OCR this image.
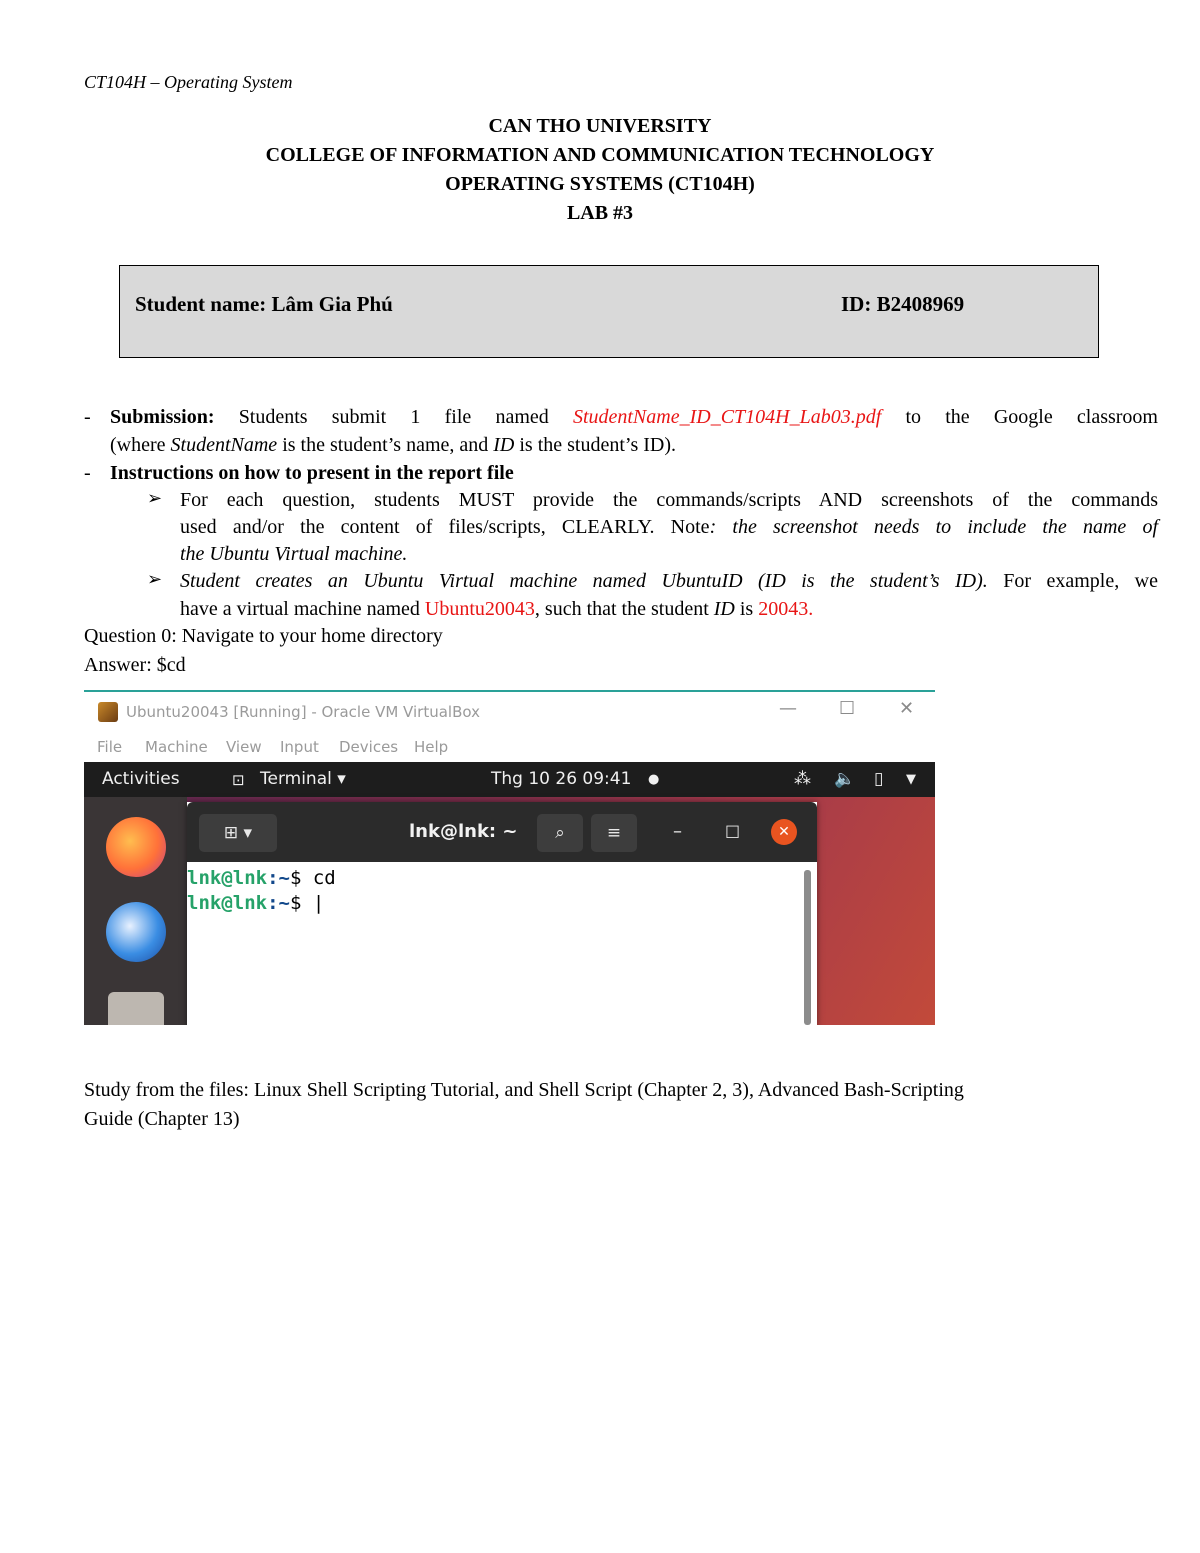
CT104H – Operating System
CAN THO UNIVERSITY
COLLEGE OF INFORMATION AND COMMUNICATION TECHNOLOGY
OPERATING SYSTEMS (CT104H)
LAB #3
Student name: Lâm Gia Phú	ID: B2408969
- Submission: Students submit 1 file named StudentName_ID_CT104H_Lab03.pdf to the Google classroom
(where StudentName is the student’s name, and ID is the student’s ID).
- Instructions on how to present in the report file
➢ For each question, students MUST provide the commands/scripts AND screenshots of the commands
used and/or the content of files/scripts, CLEARLY. Note: the screenshot needs to include the name of
the Ubuntu Virtual machine.
➢ Student creates an Ubuntu Virtual machine named UbuntuID (ID is the student’s ID). For example, we
have a virtual machine named Ubuntu20043, such that the student ID is 20043.
Question 0: Navigate to your home directory
Answer: $cd
Ubuntu20043 [Running] - Oracle VM VirtualBox	— ☐ ✕
File Machine View Input Devices Help
Activities	⊡ Terminal ▾	Thg 10 26 09:41 ●	⁂ 🔈 ▯ ▼
⊞ ▾	lnk@lnk: ~	⌕	≡	–	□	✕
lnk@lnk:~$ cd
lnk@lnk:~$ |
Study from the files: Linux Shell Scripting Tutorial, and Shell Script (Chapter 2, 3), Advanced Bash-Scripting
Guide (Chapter 13)
